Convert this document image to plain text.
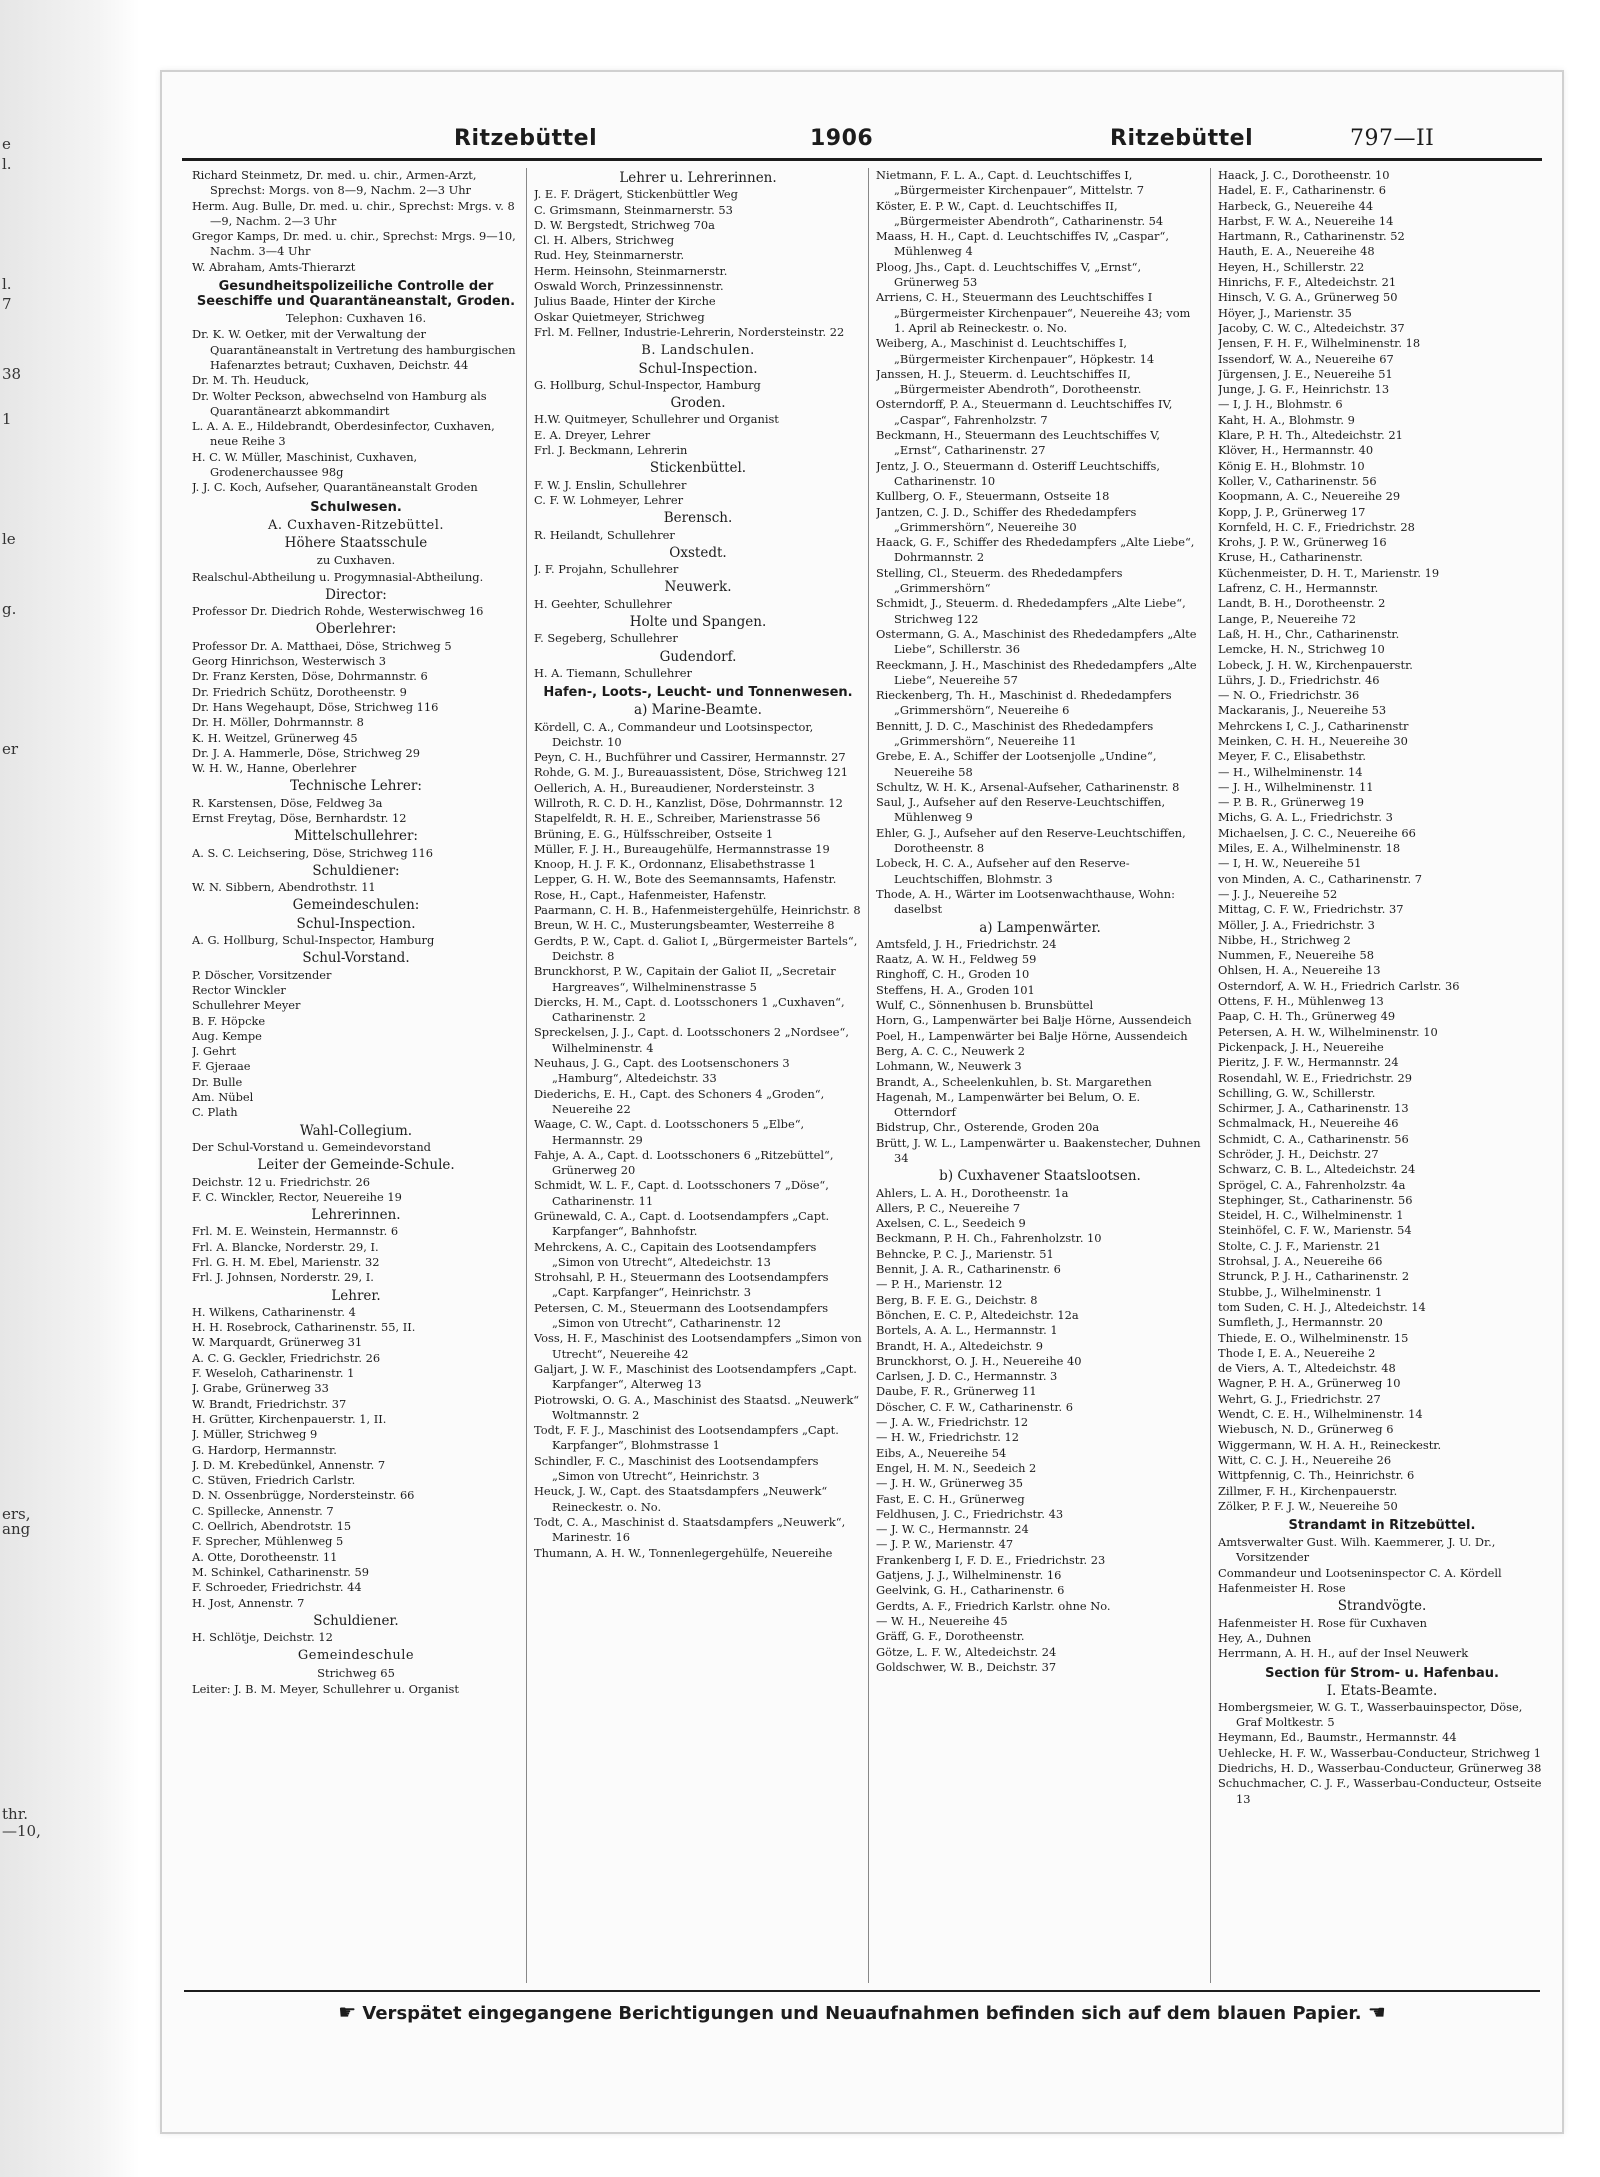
e
l.
l.
7
38
1
le
g.
er
ers,
ang
thr.
—10,
Ritzebüttel	1906	Ritzebüttel	797—II
Richard Steinmetz, Dr. med. u. chir., Armen-Arzt, Sprechst: Morgs. von 8—9, Nachm. 2—3 Uhr
Herm. Aug. Bulle, Dr. med. u. chir., Sprechst: Mrgs. v. 8—9, Nachm. 2—3 Uhr
Gregor Kamps, Dr. med. u. chir., Sprechst: Mrgs. 9—10, Nachm. 3—4 Uhr
W. Abraham, Amts-Thierarzt
Gesundheitspolizeiliche Controlle der Seeschiffe und Quarantäneanstalt, Groden.
Telephon: Cuxhaven 16.
Dr. K. W. Oetker, mit der Verwaltung der Quarantäneanstalt in Vertretung des hamburgischen Hafenarztes betraut; Cuxhaven, Deichstr. 44
Dr. M. Th. Heuduck,
Dr. Wolter Peckson, abwechselnd von Hamburg als Quarantänearzt abkommandirt
L. A. A. E., Hildebrandt, Oberdesinfector, Cuxhaven, neue Reihe 3
H. C. W. Müller, Maschinist, Cuxhaven, Grodenerchaussee 98g
J. J. C. Koch, Aufseher, Quarantäneanstalt Groden
Schulwesen.
A. Cuxhaven-Ritzebüttel.
Höhere Staatsschule
zu Cuxhaven.
Realschul-Abtheilung u. Progymnasial-Abtheilung.
Director:
Professor Dr. Diedrich Rohde, Westerwischweg 16
Oberlehrer:
Professor Dr. A. Matthaei, Döse, Strichweg 5
Georg Hinrichson, Westerwisch 3
Dr. Franz Kersten, Döse, Dohrmannstr. 6
Dr. Friedrich Schütz, Dorotheenstr. 9
Dr. Hans Wegehaupt, Döse, Strichweg 116
Dr. H. Möller, Dohrmannstr. 8
K. H. Weitzel, Grünerweg 45
Dr. J. A. Hammerle, Döse, Strichweg 29
W. H. W., Hanne, Oberlehrer
Technische Lehrer:
R. Karstensen, Döse, Feldweg 3a
Ernst Freytag, Döse, Bernhardstr. 12
Mittelschullehrer:
A. S. C. Leichsering, Döse, Strichweg 116
Schuldiener:
W. N. Sibbern, Abendrothstr. 11
Gemeindeschulen:
Schul-Inspection.
A. G. Hollburg, Schul-Inspector, Hamburg
Schul-Vorstand.
P. Döscher, Vorsitzender
Rector Winckler
Schullehrer Meyer
B. F. Höpcke
Aug. Kempe
J. Gehrt
F. Gjeraae
Dr. Bulle
Am. Nübel
C. Plath
Wahl-Collegium.
Der Schul-Vorstand u. Gemeindevorstand
Leiter der Gemeinde-Schule.
Deichstr. 12 u. Friedrichstr. 26
F. C. Winckler, Rector, Neuereihe 19
Lehrerinnen.
Frl. M. E. Weinstein, Hermannstr. 6
Frl. A. Blancke, Norderstr. 29, I.
Frl. G. H. M. Ebel, Marienstr. 32
Frl. J. Johnsen, Norderstr. 29, I.
Lehrer.
H. Wilkens, Catharinenstr. 4
H. H. Rosebrock, Catharinenstr. 55, II.
W. Marquardt, Grünerweg 31
A. C. G. Geckler, Friedrichstr. 26
F. Weseloh, Catharinenstr. 1
J. Grabe, Grünerweg 33
W. Brandt, Friedrichstr. 37
H. Grütter, Kirchenpauerstr. 1, II.
J. Müller, Strichweg 9
G. Hardorp, Hermannstr.
J. D. M. Krebedünkel, Annenstr. 7
C. Stüven, Friedrich Carlstr.
D. N. Ossenbrügge, Nordersteinstr. 66
C. Spillecke, Annenstr. 7
C. Oellrich, Abendrotstr. 15
F. Sprecher, Mühlenweg 5
A. Otte, Dorotheenstr. 11
M. Schinkel, Catharinenstr. 59
F. Schroeder, Friedrichstr. 44
H. Jost, Annenstr. 7
Schuldiener.
H. Schlötje, Deichstr. 12
Gemeindeschule
Strichweg 65
Leiter: J. B. M. Meyer, Schullehrer u. Organist
Lehrer u. Lehrerinnen.
J. E. F. Drägert, Stickenbüttler Weg
C. Grimsmann, Steinmarnerstr. 53
D. W. Bergstedt, Strichweg 70a
Cl. H. Albers, Strichweg
Rud. Hey, Steinmarnerstr.
Herm. Heinsohn, Steinmarnerstr.
Oswald Worch, Prinzessinnenstr.
Julius Baade, Hinter der Kirche
Oskar Quietmeyer, Strichweg
Frl. M. Fellner, Industrie-Lehrerin, Nordersteinstr. 22
B. Landschulen.
Schul-Inspection.
G. Hollburg, Schul-Inspector, Hamburg
Groden.
H.W. Quitmeyer, Schullehrer und Organist
E. A. Dreyer, Lehrer
Frl. J. Beckmann, Lehrerin
Stickenbüttel.
F. W. J. Enslin, Schullehrer
C. F. W. Lohmeyer, Lehrer
Berensch.
R. Heilandt, Schullehrer
Oxstedt.
J. F. Projahn, Schullehrer
Neuwerk.
H. Geehter, Schullehrer
Holte und Spangen.
F. Segeberg, Schullehrer
Gudendorf.
H. A. Tiemann, Schullehrer
Hafen-, Loots-, Leucht- und Tonnenwesen.
a) Marine-Beamte.
Kördell, C. A., Commandeur und Lootsinspector, Deichstr. 10
Peyn, C. H., Buchführer und Cassirer, Hermannstr. 27
Rohde, G. M. J., Bureauassistent, Döse, Strichweg 121
Oellerich, A. H., Bureaudiener, Nordersteinstr. 3
Willroth, R. C. D. H., Kanzlist, Döse, Dohrmannstr. 12
Stapelfeldt, R. H. E., Schreiber, Marienstrasse 56
Brüning, E. G., Hülfsschreiber, Ostseite 1
Müller, F. J. H., Bureaugehülfe, Hermannstrasse 19
Knoop, H. J. F. K., Ordonnanz, Elisabethstrasse 1
Lepper, G. H. W., Bote des Seemannsamts, Hafenstr.
Rose, H., Capt., Hafenmeister, Hafenstr.
Paarmann, C. H. B., Hafenmeistergehülfe, Heinrichstr. 8
Breun, W. H. C., Musterungsbeamter, Westerreihe 8
Gerdts, P. W., Capt. d. Galiot I, „Bürgermeister Bartels“, Deichstr. 8
Brunckhorst, P. W., Capitain der Galiot II, „Secretair Hargreaves“, Wilhelminenstrasse 5
Diercks, H. M., Capt. d. Lootsschoners 1 „Cuxhaven“, Catharinenstr. 2
Spreckelsen, J. J., Capt. d. Lootsschoners 2 „Nordsee“, Wilhelminenstr. 4
Neuhaus, J. G., Capt. des Lootsenschoners 3 „Hamburg“, Altedeichstr. 33
Diederichs, E. H., Capt. des Schoners 4 „Groden“, Neuereihe 22
Waage, C. W., Capt. d. Lootsschoners 5 „Elbe“, Hermannstr. 29
Fahje, A. A., Capt. d. Lootsschoners 6 „Ritzebüttel“, Grünerweg 20
Schmidt, W. L. F., Capt. d. Lootsschoners 7 „Döse“, Catharinenstr. 11
Grünewald, C. A., Capt. d. Lootsendampfers „Capt. Karpfanger“, Bahnhofstr.
Mehrckens, A. C., Capitain des Lootsendampfers „Simon von Utrecht“, Altedeichstr. 13
Strohsahl, P. H., Steuermann des Lootsendampfers „Capt. Karpfanger“, Heinrichstr. 3
Petersen, C. M., Steuermann des Lootsendampfers „Simon von Utrecht“, Catharinenstr. 12
Voss, H. F., Maschinist des Lootsendampfers „Simon von Utrecht“, Neuereihe 42
Galjart, J. W. F., Maschinist des Lootsendampfers „Capt. Karpfanger“, Alterweg 13
Piotrowski, O. G. A., Maschinist des Staatsd. „Neuwerk“ Woltmannstr. 2
Todt, F. F. J., Maschinist des Lootsendampfers „Capt. Karpfanger“, Blohmstrasse 1
Schindler, F. C., Maschinist des Lootsendampfers „Simon von Utrecht“, Heinrichstr. 3
Heuck, J. W., Capt. des Staatsdampfers „Neuwerk“ Reineckestr. o. No.
Todt, C. A., Maschinist d. Staatsdampfers „Neuwerk“, Marinestr. 16
Thumann, A. H. W., Tonnenlegergehülfe, Neuereihe
Nietmann, F. L. A., Capt. d. Leuchtschiffes I, „Bürgermeister Kirchenpauer“, Mittelstr. 7
Köster, E. P. W., Capt. d. Leuchtschiffes II, „Bürgermeister Abendroth“, Catharinenstr. 54
Maass, H. H., Capt. d. Leuchtschiffes IV, „Caspar“, Mühlenweg 4
Ploog, Jhs., Capt. d. Leuchtschiffes V, „Ernst“, Grünerweg 53
Arriens, C. H., Steuermann des Leuchtschiffes I „Bürgermeister Kirchenpauer“, Neuereihe 43; vom 1. April ab Reineckestr. o. No.
Weiberg, A., Maschinist d. Leuchtschiffes I, „Bürgermeister Kirchenpauer“, Höpkestr. 14
Janssen, H. J., Steuerm. d. Leuchtschiffes II, „Bürgermeister Abendroth“, Dorotheenstr.
Osterndorff, P. A., Steuermann d. Leuchtschiffes IV, „Caspar“, Fahrenholzstr. 7
Beckmann, H., Steuermann des Leuchtschiffes V, „Ernst“, Catharinenstr. 27
Jentz, J. O., Steuermann d. Osteriff Leuchtschiffs, Catharinenstr. 10
Kullberg, O. F., Steuermann, Ostseite 18
Jantzen, C. J. D., Schiffer des Rhededampfers „Grimmershörn“, Neuereihe 30
Haack, G. F., Schiffer des Rhededampfers „Alte Liebe“, Dohrmannstr. 2
Stelling, Cl., Steuerm. des Rhededampfers „Grimmershörn“
Schmidt, J., Steuerm. d. Rhededampfers „Alte Liebe“, Strichweg 122
Ostermann, G. A., Maschinist des Rhededampfers „Alte Liebe“, Schillerstr. 36
Reeckmann, J. H., Maschinist des Rhededampfers „Alte Liebe“, Neuereihe 57
Rieckenberg, Th. H., Maschinist d. Rhededampfers „Grimmershörn“, Neuereihe 6
Bennitt, J. D. C., Maschinist des Rhededampfers „Grimmershörn“, Neuereihe 11
Grebe, E. A., Schiffer der Lootsenjolle „Undine“, Neuereihe 58
Schultz, W. H. K., Arsenal-Aufseher, Catharinenstr. 8
Saul, J., Aufseher auf den Reserve-Leuchtschiffen, Mühlenweg 9
Ehler, G. J., Aufseher auf den Reserve-Leuchtschiffen, Dorotheenstr. 8
Lobeck, H. C. A., Aufseher auf den Reserve-Leuchtschiffen, Blohmstr. 3
Thode, A. H., Wärter im Lootsenwachthause, Wohn: daselbst
a) Lampenwärter.
Amtsfeld, J. H., Friedrichstr. 24
Raatz, A. W. H., Feldweg 59
Ringhoff, C. H., Groden 10
Steffens, H. A., Groden 101
Wulf, C., Sönnenhusen b. Brunsbüttel
Horn, G., Lampenwärter bei Balje Hörne, Aussendeich
Poel, H., Lampenwärter bei Balje Hörne, Aussendeich
Berg, A. C. C., Neuwerk 2
Lohmann, W., Neuwerk 3
Brandt, A., Scheelenkuhlen, b. St. Margarethen
Hagenah, M., Lampenwärter bei Belum, O. E. Otterndorf
Bidstrup, Chr., Osterende, Groden 20a
Brütt, J. W. L., Lampenwärter u. Baakenstecher, Duhnen 34
b) Cuxhavener Staatslootsen.
Ahlers, L. A. H., Dorotheenstr. 1a
Allers, P. C., Neuereihe 7
Axelsen, C. L., Seedeich 9
Beckmann, P. H. Ch., Fahrenholzstr. 10
Behncke, P. C. J., Marienstr. 51
Bennit, J. A. R., Catharinenstr. 6
— P. H., Marienstr. 12
Berg, B. F. E. G., Deichstr. 8
Bönchen, E. C. P., Altedeichstr. 12a
Bortels, A. A. L., Hermannstr. 1
Brandt, H. A., Altedeichstr. 9
Brunckhorst, O. J. H., Neuereihe 40
Carlsen, J. D. C., Hermannstr. 3
Daube, F. R., Grünerweg 11
Döscher, C. F. W., Catharinenstr. 6
— J. A. W., Friedrichstr. 12
— H. W., Friedrichstr. 12
Eibs, A., Neuereihe 54
Engel, H. M. N., Seedeich 2
— J. H. W., Grünerweg 35
Fast, E. C. H., Grünerweg
Feldhusen, J. C., Friedrichstr. 43
— J. W. C., Hermannstr. 24
— J. P. W., Marienstr. 47
Frankenberg I, F. D. E., Friedrichstr. 23
Gatjens, J. J., Wilhelminenstr. 16
Geelvink, G. H., Catharinenstr. 6
Gerdts, A. F., Friedrich Karlstr. ohne No.
— W. H., Neuereihe 45
Gräff, G. F., Dorotheenstr.
Götze, L. F. W., Altedeichstr. 24
Goldschwer, W. B., Deichstr. 37
Haack, J. C., Dorotheenstr. 10
Hadel, E. F., Catharinenstr. 6
Harbeck, G., Neuereihe 44
Harbst, F. W. A., Neuereihe 14
Hartmann, R., Catharinenstr. 52
Hauth, E. A., Neuereihe 48
Heyen, H., Schillerstr. 22
Hinrichs, F. F., Altedeichstr. 21
Hinsch, V. G. A., Grünerweg 50
Höyer, J., Marienstr. 35
Jacoby, C. W. C., Altedeichstr. 37
Jensen, F. H. F., Wilhelminenstr. 18
Issendorf, W. A., Neuereihe 67
Jürgensen, J. E., Neuereihe 51
Junge, J. G. F., Heinrichstr. 13
— I, J. H., Blohmstr. 6
Kaht, H. A., Blohmstr. 9
Klare, P. H. Th., Altedeichstr. 21
Klöver, H., Hermannstr. 40
König E. H., Blohmstr. 10
Koller, V., Catharinenstr. 56
Koopmann, A. C., Neuereihe 29
Kopp, J. P., Grünerweg 17
Kornfeld, H. C. F., Friedrichstr. 28
Krohs, J. P. W., Grünerweg 16
Kruse, H., Catharinenstr.
Küchenmeister, D. H. T., Marienstr. 19
Lafrenz, C. H., Hermannstr.
Landt, B. H., Dorotheenstr. 2
Lange, P., Neuereihe 72
Laß, H. H., Chr., Catharinenstr.
Lemcke, H. N., Strichweg 10
Lobeck, J. H. W., Kirchenpauerstr.
Lührs, J. D., Friedrichstr. 46
— N. O., Friedrichstr. 36
Mackaranis, J., Neuereihe 53
Mehrckens I, C. J., Catharinenstr
Meinken, C. H. H., Neuereihe 30
Meyer, F. C., Elisabethstr.
— H., Wilhelminenstr. 14
— J. H., Wilhelminenstr. 11
— P. B. R., Grünerweg 19
Michs, G. A. L., Friedrichstr. 3
Michaelsen, J. C. C., Neuereihe 66
Miles, E. A., Wilhelminenstr. 18
— I, H. W., Neuereihe 51
von Minden, A. C., Catharinenstr. 7
— J. J., Neuereihe 52
Mittag, C. F. W., Friedrichstr. 37
Möller, J. A., Friedrichstr. 3
Nibbe, H., Strichweg 2
Nummen, F., Neuereihe 58
Ohlsen, H. A., Neuereihe 13
Osterndorf, A. W. H., Friedrich Carlstr. 36
Ottens, F. H., Mühlenweg 13
Paap, C. H. Th., Grünerweg 49
Petersen, A. H. W., Wilhelminenstr. 10
Pickenpack, J. H., Neuereihe
Pieritz, J. F. W., Hermannstr. 24
Rosendahl, W. E., Friedrichstr. 29
Schilling, G. W., Schillerstr.
Schirmer, J. A., Catharinenstr. 13
Schmalmack, H., Neuereihe 46
Schmidt, C. A., Catharinenstr. 56
Schröder, J. H., Deichstr. 27
Schwarz, C. B. L., Altedeichstr. 24
Sprögel, C. A., Fahrenholzstr. 4a
Stephinger, St., Catharinenstr. 56
Steidel, H. C., Wilhelminenstr. 1
Steinhöfel, C. F. W., Marienstr. 54
Stolte, C. J. F., Marienstr. 21
Strohsal, J. A., Neuereihe 66
Strunck, P. J. H., Catharinenstr. 2
Stubbe, J., Wilhelminenstr. 1
tom Suden, C. H. J., Altedeichstr. 14
Sumfleth, J., Hermannstr. 20
Thiede, E. O., Wilhelminenstr. 15
Thode I, E. A., Neuereihe 2
de Viers, A. T., Altedeichstr. 48
Wagner, P. H. A., Grünerweg 10
Wehrt, G. J., Friedrichstr. 27
Wendt, C. E. H., Wilhelminenstr. 14
Wiebusch, N. D., Grünerweg 6
Wiggermann, W. H. A. H., Reineckestr.
Witt, C. C. J. H., Neuereihe 26
Wittpfennig, C. Th., Heinrichstr. 6
Zillmer, F. H., Kirchenpauerstr.
Zölker, P. F. J. W., Neuereihe 50
Strandamt in Ritzebüttel.
Amtsverwalter Gust. Wilh. Kaemmerer, J. U. Dr., Vorsitzender
Commandeur und Lootseninspector C. A. Kördell
Hafenmeister H. Rose
Strandvögte.
Hafenmeister H. Rose für Cuxhaven
Hey, A., Duhnen
Herrmann, A. H. H., auf der Insel Neuwerk
Section für Strom- u. Hafenbau.
I. Etats-Beamte.
Hombergsmeier, W. G. T., Wasserbauinspector, Döse, Graf Moltkestr. 5
Heymann, Ed., Baumstr., Hermannstr. 44
Uehlecke, H. F. W., Wasserbau-Conducteur, Strichweg 1
Diedrichs, H. D., Wasserbau-Conducteur, Grünerweg 38
Schuchmacher, C. J. F., Wasserbau-Conducteur, Ostseite 13
☛ Verspätet eingegangene Berichtigungen und Neuaufnahmen befinden sich auf dem blauen Papier. ☚
